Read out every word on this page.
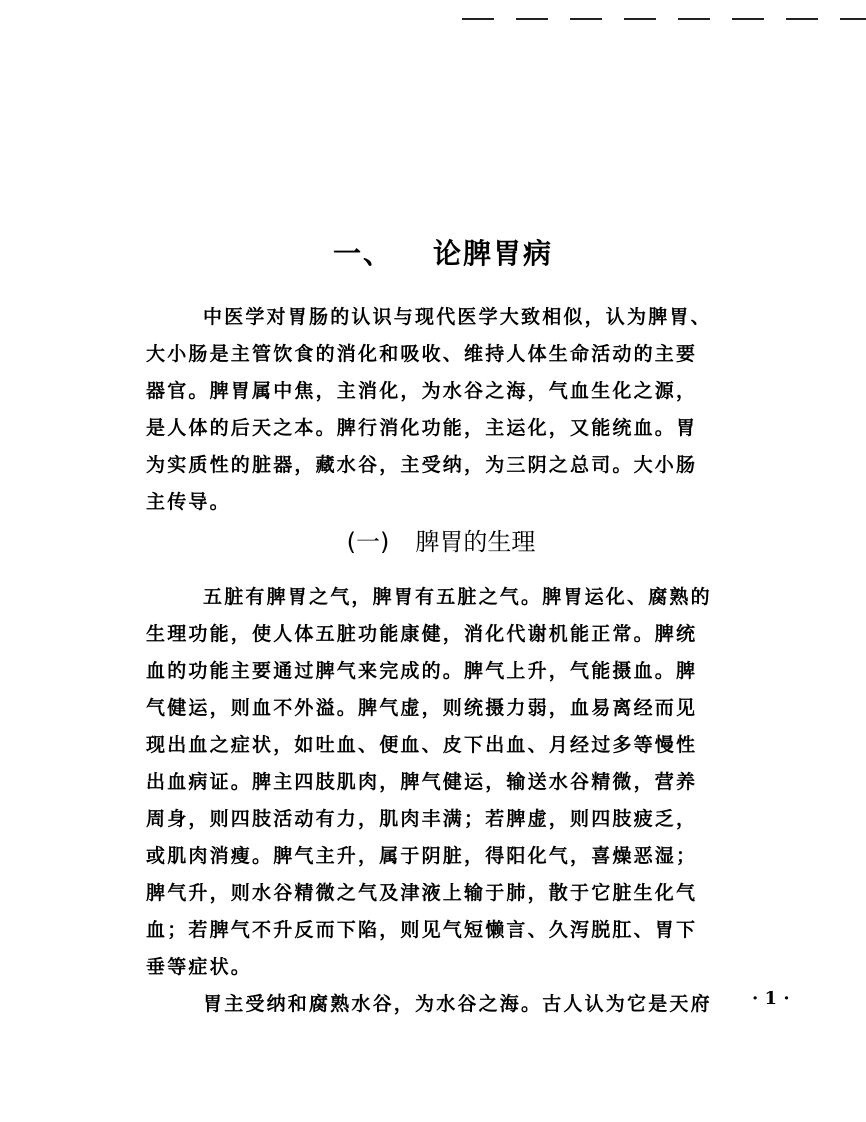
一、 论脾胃病
中医学对胃肠的认识与现代医学大致相似，认为脾胃、
大小肠是主管饮食的消化和吸收、维持人体生命活动的主要
器官。脾胃属中焦，主消化，为水谷之海，气血生化之源，
是人体的后天之本。脾行消化功能，主运化，又能统血。胃
为实质性的脏器，藏水谷，主受纳，为三阴之总司。大小肠
主传导。
(一) 脾胃的生理
五脏有脾胃之气，脾胃有五脏之气。脾胃运化、腐熟的
生理功能，使人体五脏功能康健，消化代谢机能正常。脾统
血的功能主要通过脾气来完成的。脾气上升，气能摄血。脾
气健运，则血不外溢。脾气虚，则统摄力弱，血易离经而见
现出血之症状，如吐血、便血、皮下出血、月经过多等慢性
出血病证。脾主四肢肌肉，脾气健运，输送水谷精微，营养
周身，则四肢活动有力，肌肉丰满；若脾虚，则四肢疲乏，
或肌肉消瘦。脾气主升，属于阴脏，得阳化气，喜燥恶湿；
脾气升，则水谷精微之气及津液上输于肺，散于它脏生化气
血；若脾气不升反而下陷，则见气短懒言、久泻脱肛、胃下
垂等症状。
胃主受纳和腐熟水谷，为水谷之海。古人认为它是天府	· 1 ·
